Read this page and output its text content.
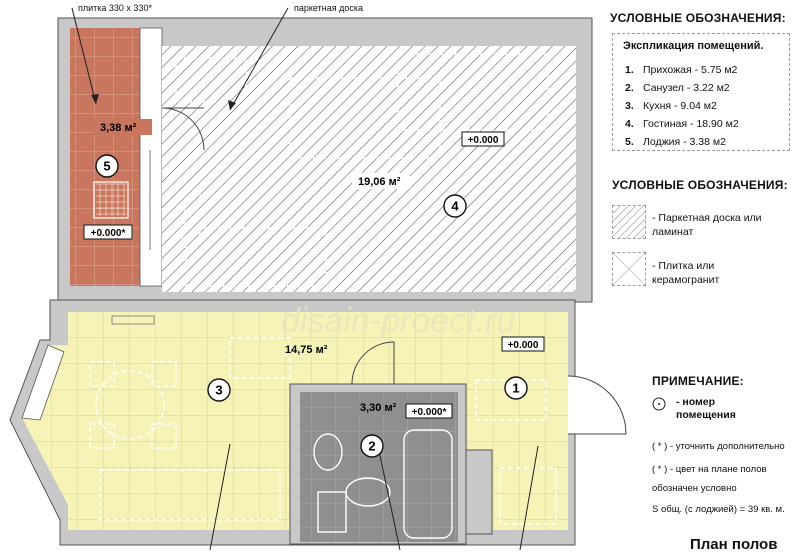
5
3,38 м²
+0.000*
4
19,06 м²
+0.000
3
14,75 м²	+0.000
2
3,30 м² +0.000*
1
disain-proect.ru
плитка 330 х 330*	паркетная доска
УСЛОВНЫЕ ОБОЗНАЧЕНИЯ:
Экспликация помещений.
1. Прихожая - 5.75 м2
2. Санузел - 3.22 м2
3. Кухня - 9.04 м2
4. Гостиная - 18.90 м2
5. Лоджия - 3.38 м2
УСЛОВНЫЕ ОБОЗНАЧЕНИЯ:
- Паркетная доска или
ламинат
- Плитка или
керамогранит
ПРИМЕЧАНИЕ:
- номер
помещения
( * ) - уточнить дополнительно
( * ) - цвет на плане полов
обозначен условно
S общ. (с лоджией) = 39 кв. м.
План полов
